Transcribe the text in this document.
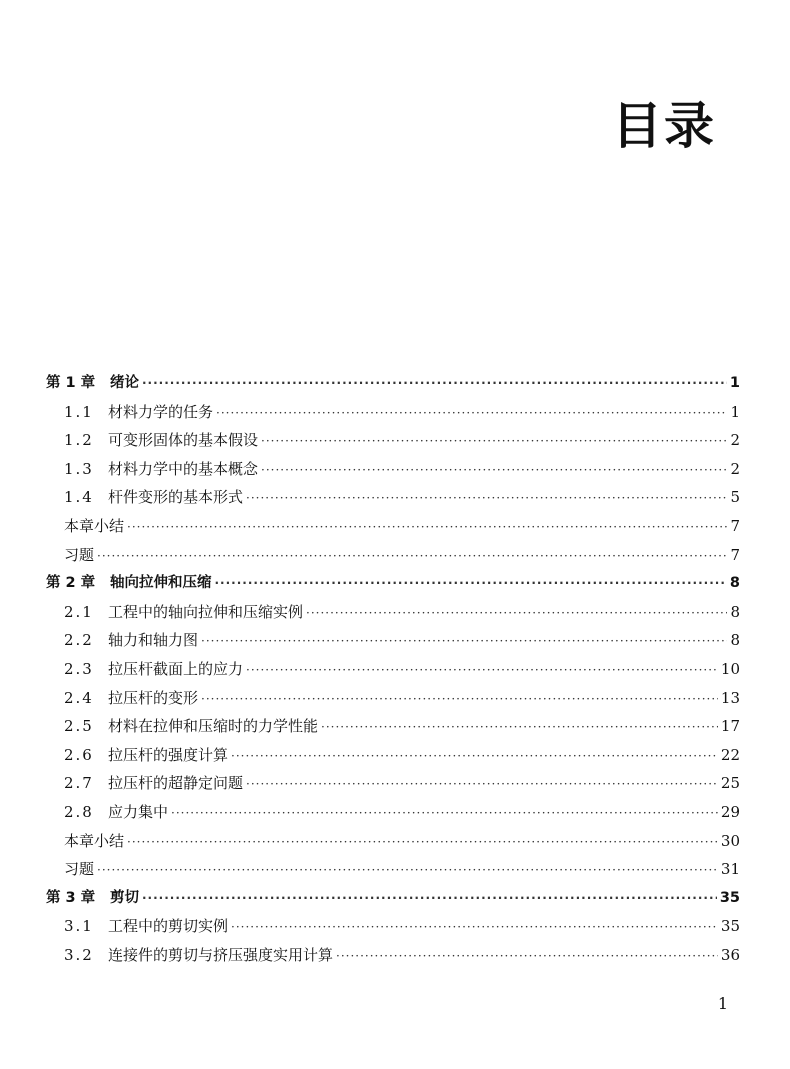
目录
第 1 章	绪论 ·····	1
1.1 材料力学的任务 ·····	1
1.2 可变形固体的基本假设 ·····	2
1.3 材料力学中的基本概念 ·····	2
1.4 杆件变形的基本形式 ·····	5
本章小结 ·····	7
习题 ·····	7
第 2 章	轴向拉伸和压缩 ·····	8
2.1 工程中的轴向拉伸和压缩实例 ·····	8
2.2 轴力和轴力图 ·····	8
2.3 拉压杆截面上的应力 ·····	10
2.4 拉压杆的变形 ·····	13
2.5 材料在拉伸和压缩时的力学性能 ·····	17
2.6 拉压杆的强度计算 ·····	22
2.7 拉压杆的超静定问题 ·····	25
2.8 应力集中 ·····	29
本章小结 ·····	30
习题 ·····	31
第 3 章	剪切 ·····	35
3.1 工程中的剪切实例 ·····	35
3.2 连接件的剪切与挤压强度实用计算 ·····	36
1
